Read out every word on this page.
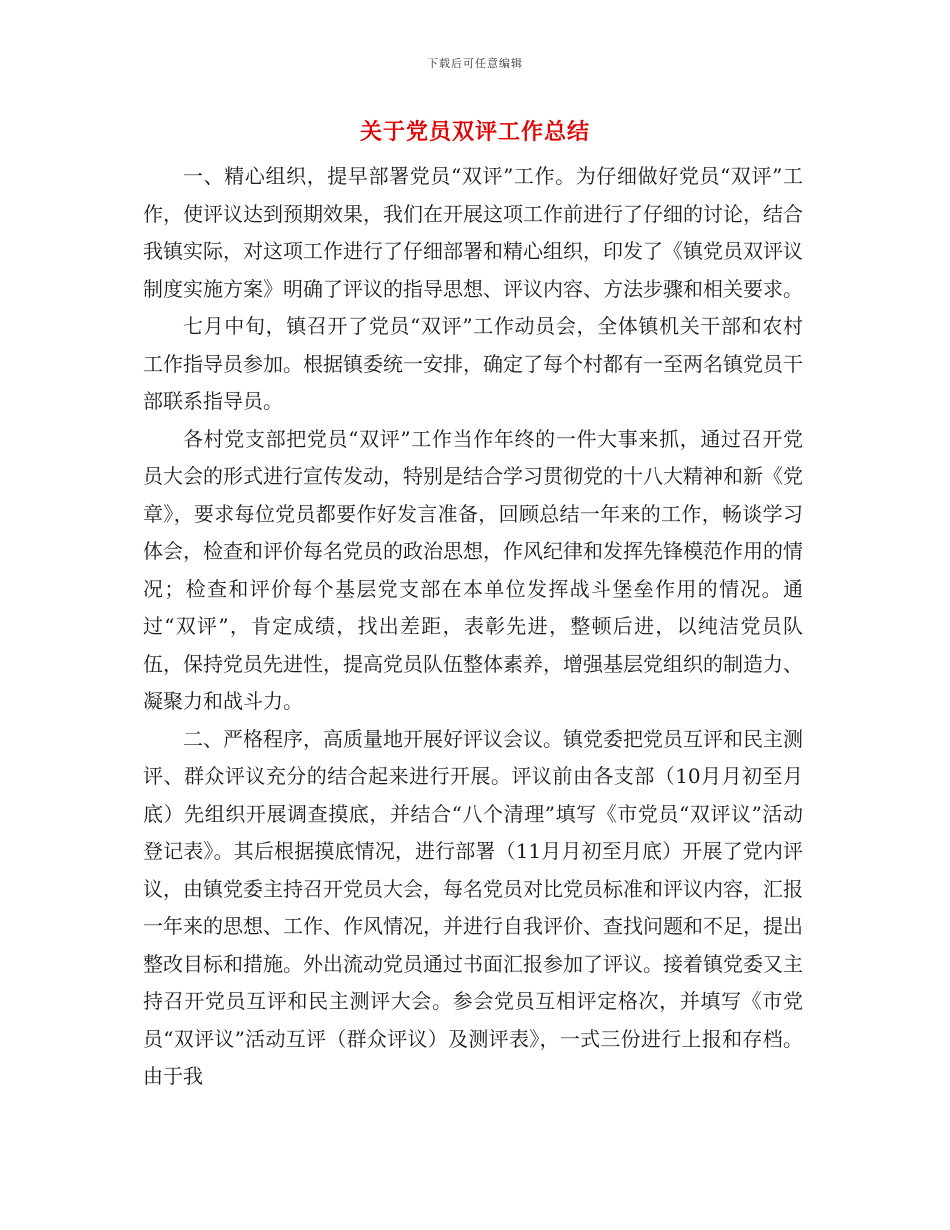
下载后可任意编辑
关于党员双评工作总结

一、精心组织，提早部署党员“双评”工作。为仔细做好党员“双评”工作，使评议达到预期效果，我们在开展这项工作前进行了仔细的讨论，结合我镇实际，对这项工作进行了仔细部署和精心组织，印发了《镇党员双评议制度实施方案》明确了评议的指导思想、评议内容、方法步骤和相关要求。

七月中旬，镇召开了党员“双评”工作动员会，全体镇机关干部和农村工作指导员参加。根据镇委统一安排，确定了每个村都有一至两名镇党员干部联系指导员。

各村党支部把党员“双评”工作当作年终的一件大事来抓，通过召开党员大会的形式进行宣传发动，特别是结合学习贯彻党的十八大精神和新《党章》，要求每位党员都要作好发言准备，回顾总结一年来的工作，畅谈学习体会，检查和评价每名党员的政治思想，作风纪律和发挥先锋模范作用的情况；检查和评价每个基层党支部在本单位发挥战斗堡垒作用的情况。通过“双评”，肯定成绩，找出差距，表彰先进，整顿后进，以纯洁党员队伍，保持党员先进性，提高党员队伍整体素养，增强基层党组织的制造力、凝聚力和战斗力。

二、严格程序，高质量地开展好评议会议。镇党委把党员互评和民主测评、群众评议充分的结合起来进行开展。评议前由各支部（10月月初至月底）先组织开展调查摸底，并结合“八个清理”填写《市党员“双评议”活动登记表》。其后根据摸底情况，进行部署（11月月初至月底）开展了党内评议，由镇党委主持召开党员大会，每名党员对比党员标准和评议内容，汇报一年来的思想、工作、作风情况，并进行自我评价、查找问题和不足，提出整改目标和措施。外出流动党员通过书面汇报参加了评议。接着镇党委又主持召开党员互评和民主测评大会。参会党员互相评定格次，并填写《市党员“双评议”活动互评（群众评议）及测评表》，一式三份进行上报和存档。由于我
